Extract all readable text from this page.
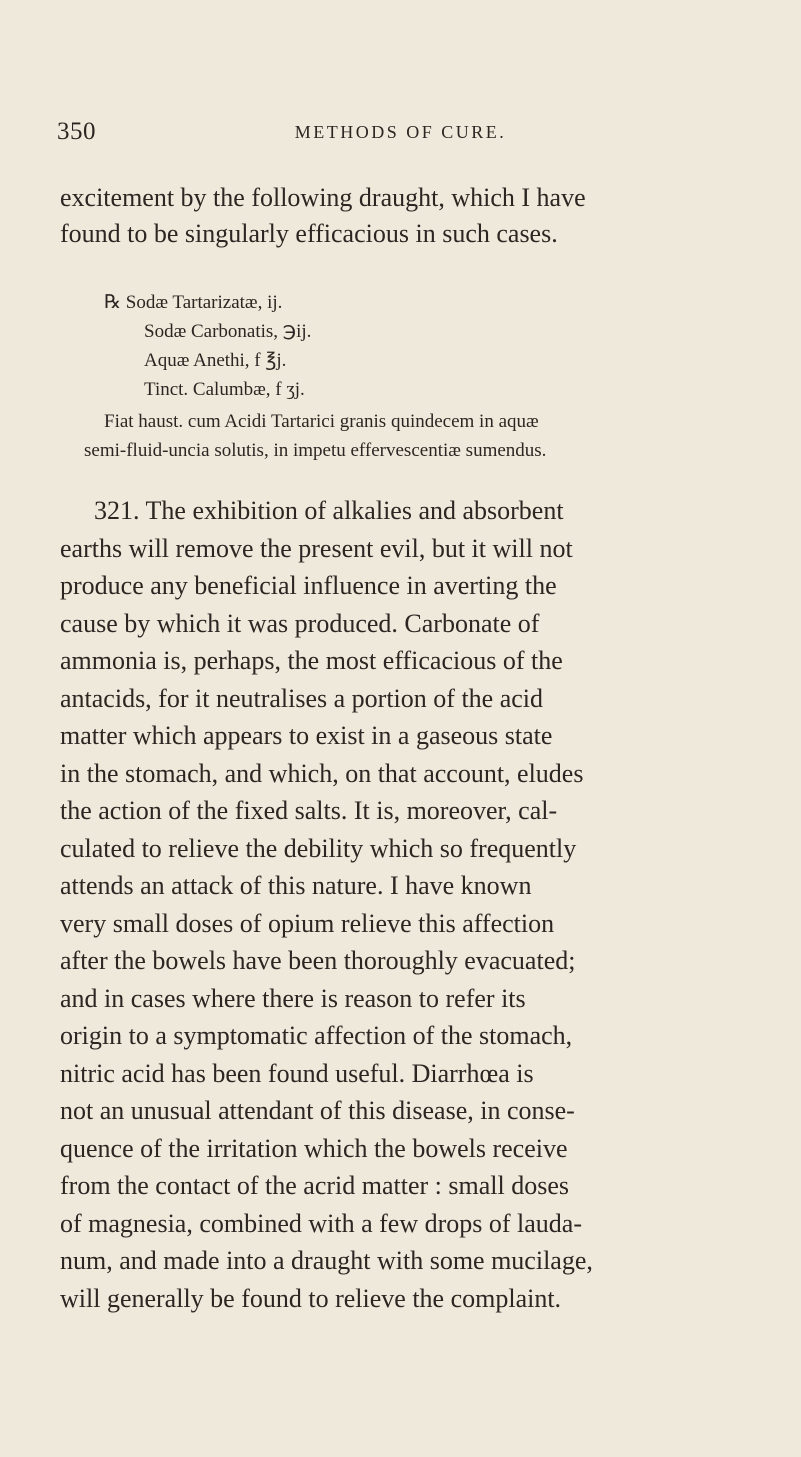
350	METHODS OF CURE.

excitement by the following draught, which I have
found to be singularly efficacious in such cases.

℞ Sodæ Tartarizatæ, ij.
Sodæ Carbonatis, ℈ij.
Aquæ Anethi, f ℥j.
Tinct. Calumbæ, f ʒj.
Fiat haust. cum Acidi Tartarici granis quindecem in aquæ
semi-fluid-uncia solutis, in impetu effervescentiæ sumendus.

321. The exhibition of alkalies and absorbent
earths will remove the present evil, but it will not
produce any beneficial influence in averting the
cause by which it was produced. Carbonate of
ammonia is, perhaps, the most efficacious of the
antacids, for it neutralises a portion of the acid
matter which appears to exist in a gaseous state
in the stomach, and which, on that account, eludes
the action of the fixed salts. It is, moreover, cal-
culated to relieve the debility which so frequently
attends an attack of this nature. I have known
very small doses of opium relieve this affection
after the bowels have been thoroughly evacuated;
and in cases where there is reason to refer its
origin to a symptomatic affection of the stomach,
nitric acid has been found useful. Diarrhœa is
not an unusual attendant of this disease, in conse-
quence of the irritation which the bowels receive
from the contact of the acrid matter : small doses
of magnesia, combined with a few drops of lauda-
num, and made into a draught with some mucilage,
will generally be found to relieve the complaint.
